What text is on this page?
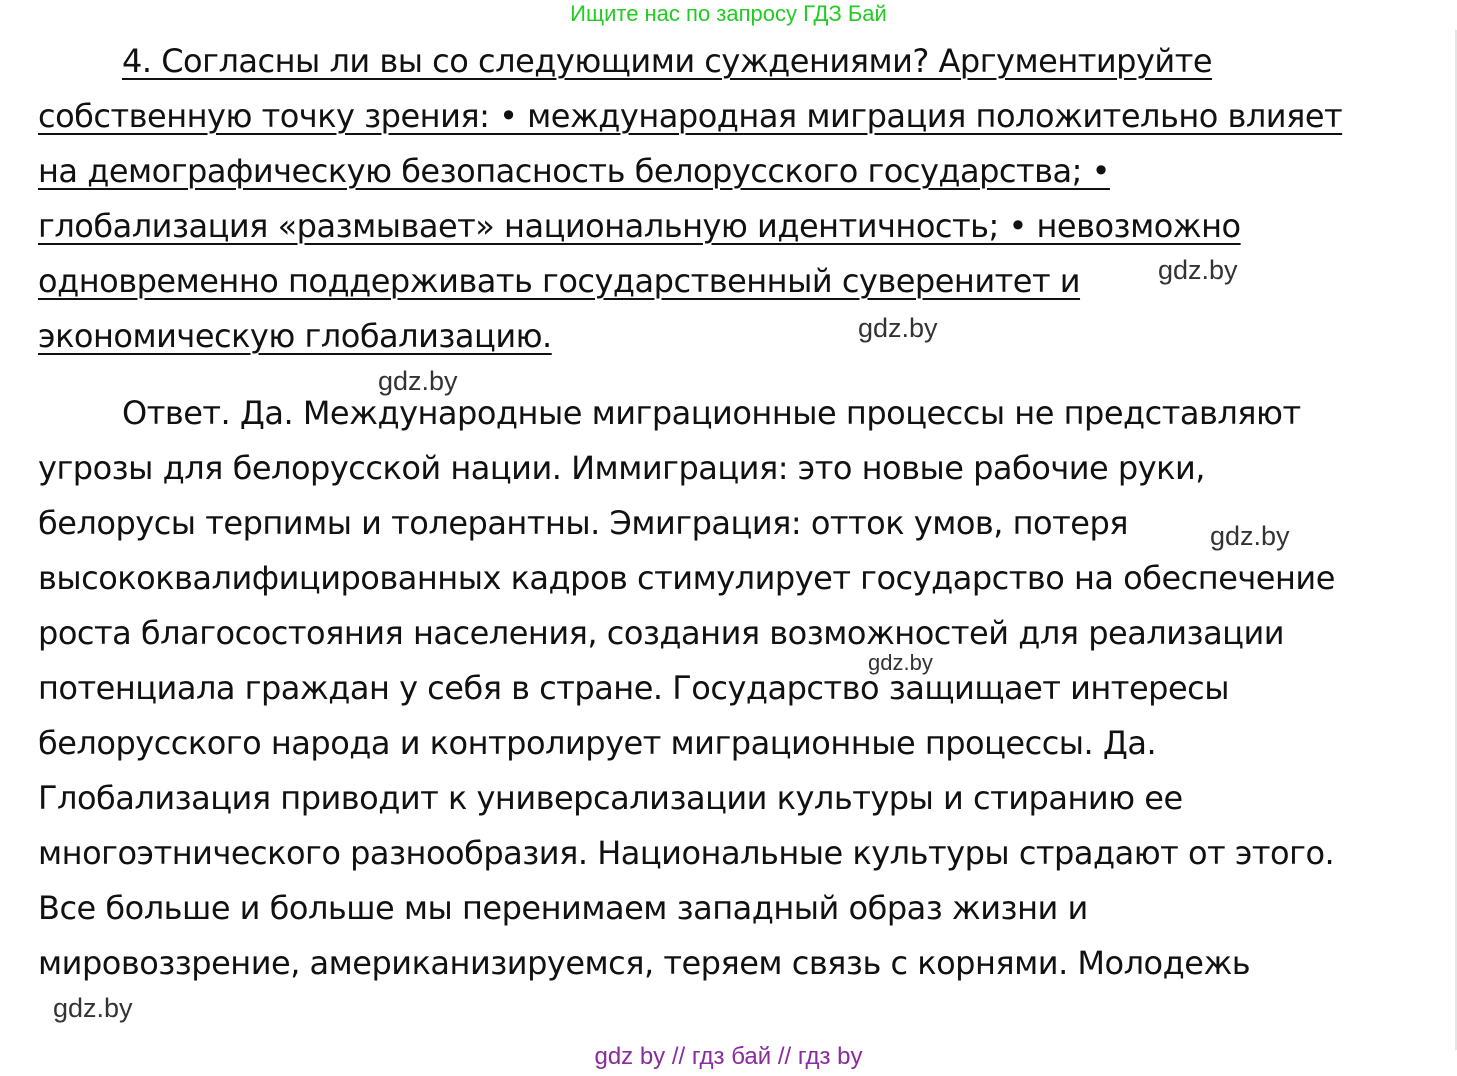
Ищите нас по запросу ГДЗ Бай
4. Согласны ли вы со следующими суждениями? Аргументируйте
собственную точку зрения: • международная миграция положительно влияет
на демографическую безопасность белорусского государства; •
глобализация «размывает» национальную идентичность; • невозможно
одновременно поддерживать государственный суверенитет и
экономическую глобализацию.
Ответ. Да. Международные миграционные процессы не представляют
угрозы для белорусской нации. Иммиграция: это новые рабочие руки,
белорусы терпимы и толерантны. Эмиграция: отток умов, потеря
высококвалифицированных кадров стимулирует государство на обеспечение
роста благосостояния населения, создания возможностей для реализации
потенциала граждан у себя в стране. Государство защищает интересы
белорусского народа и контролирует миграционные процессы. Да.
Глобализация приводит к универсализации культуры и стиранию ее
многоэтнического разнообразия. Национальные культуры страдают от этого.
Все больше и больше мы перенимаем западный образ жизни и
мировоззрение, американизируемся, теряем связь с корнями. Молодежь
gdz.by
gdz.by
gdz.by
gdz.by
gdz.by
gdz.by
gdz by // гдз бай // гдз by
